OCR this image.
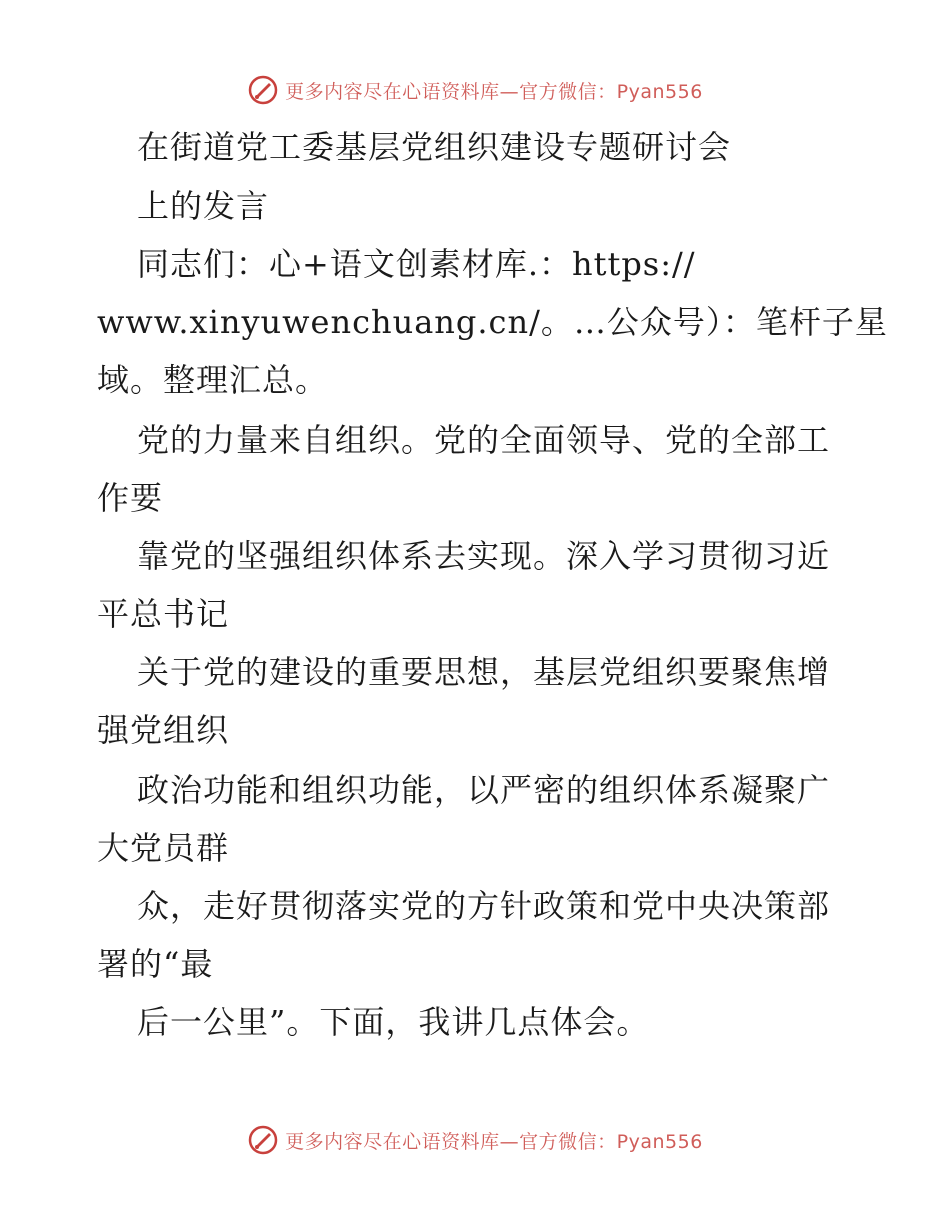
更多内容尽在心语资料库—官方微信：Pyan556
在街道党工委基层党组织建设专题研讨会
上的发言
同志们：心+语文创素材库.：https://
www.xinyuwenchuang.cn/。…公众号）：笔杆子星
域。整理汇总。
党的力量来自组织。党的全面领导、党的全部工
作要
靠党的坚强组织体系去实现。深入学习贯彻习近
平总书记
关于党的建设的重要思想，基层党组织要聚焦增
强党组织
政治功能和组织功能，以严密的组织体系凝聚广
大党员群
众，走好贯彻落实党的方针政策和党中央决策部
署的“最
后一公里”。下面，我讲几点体会。
更多内容尽在心语资料库—官方微信：Pyan556
